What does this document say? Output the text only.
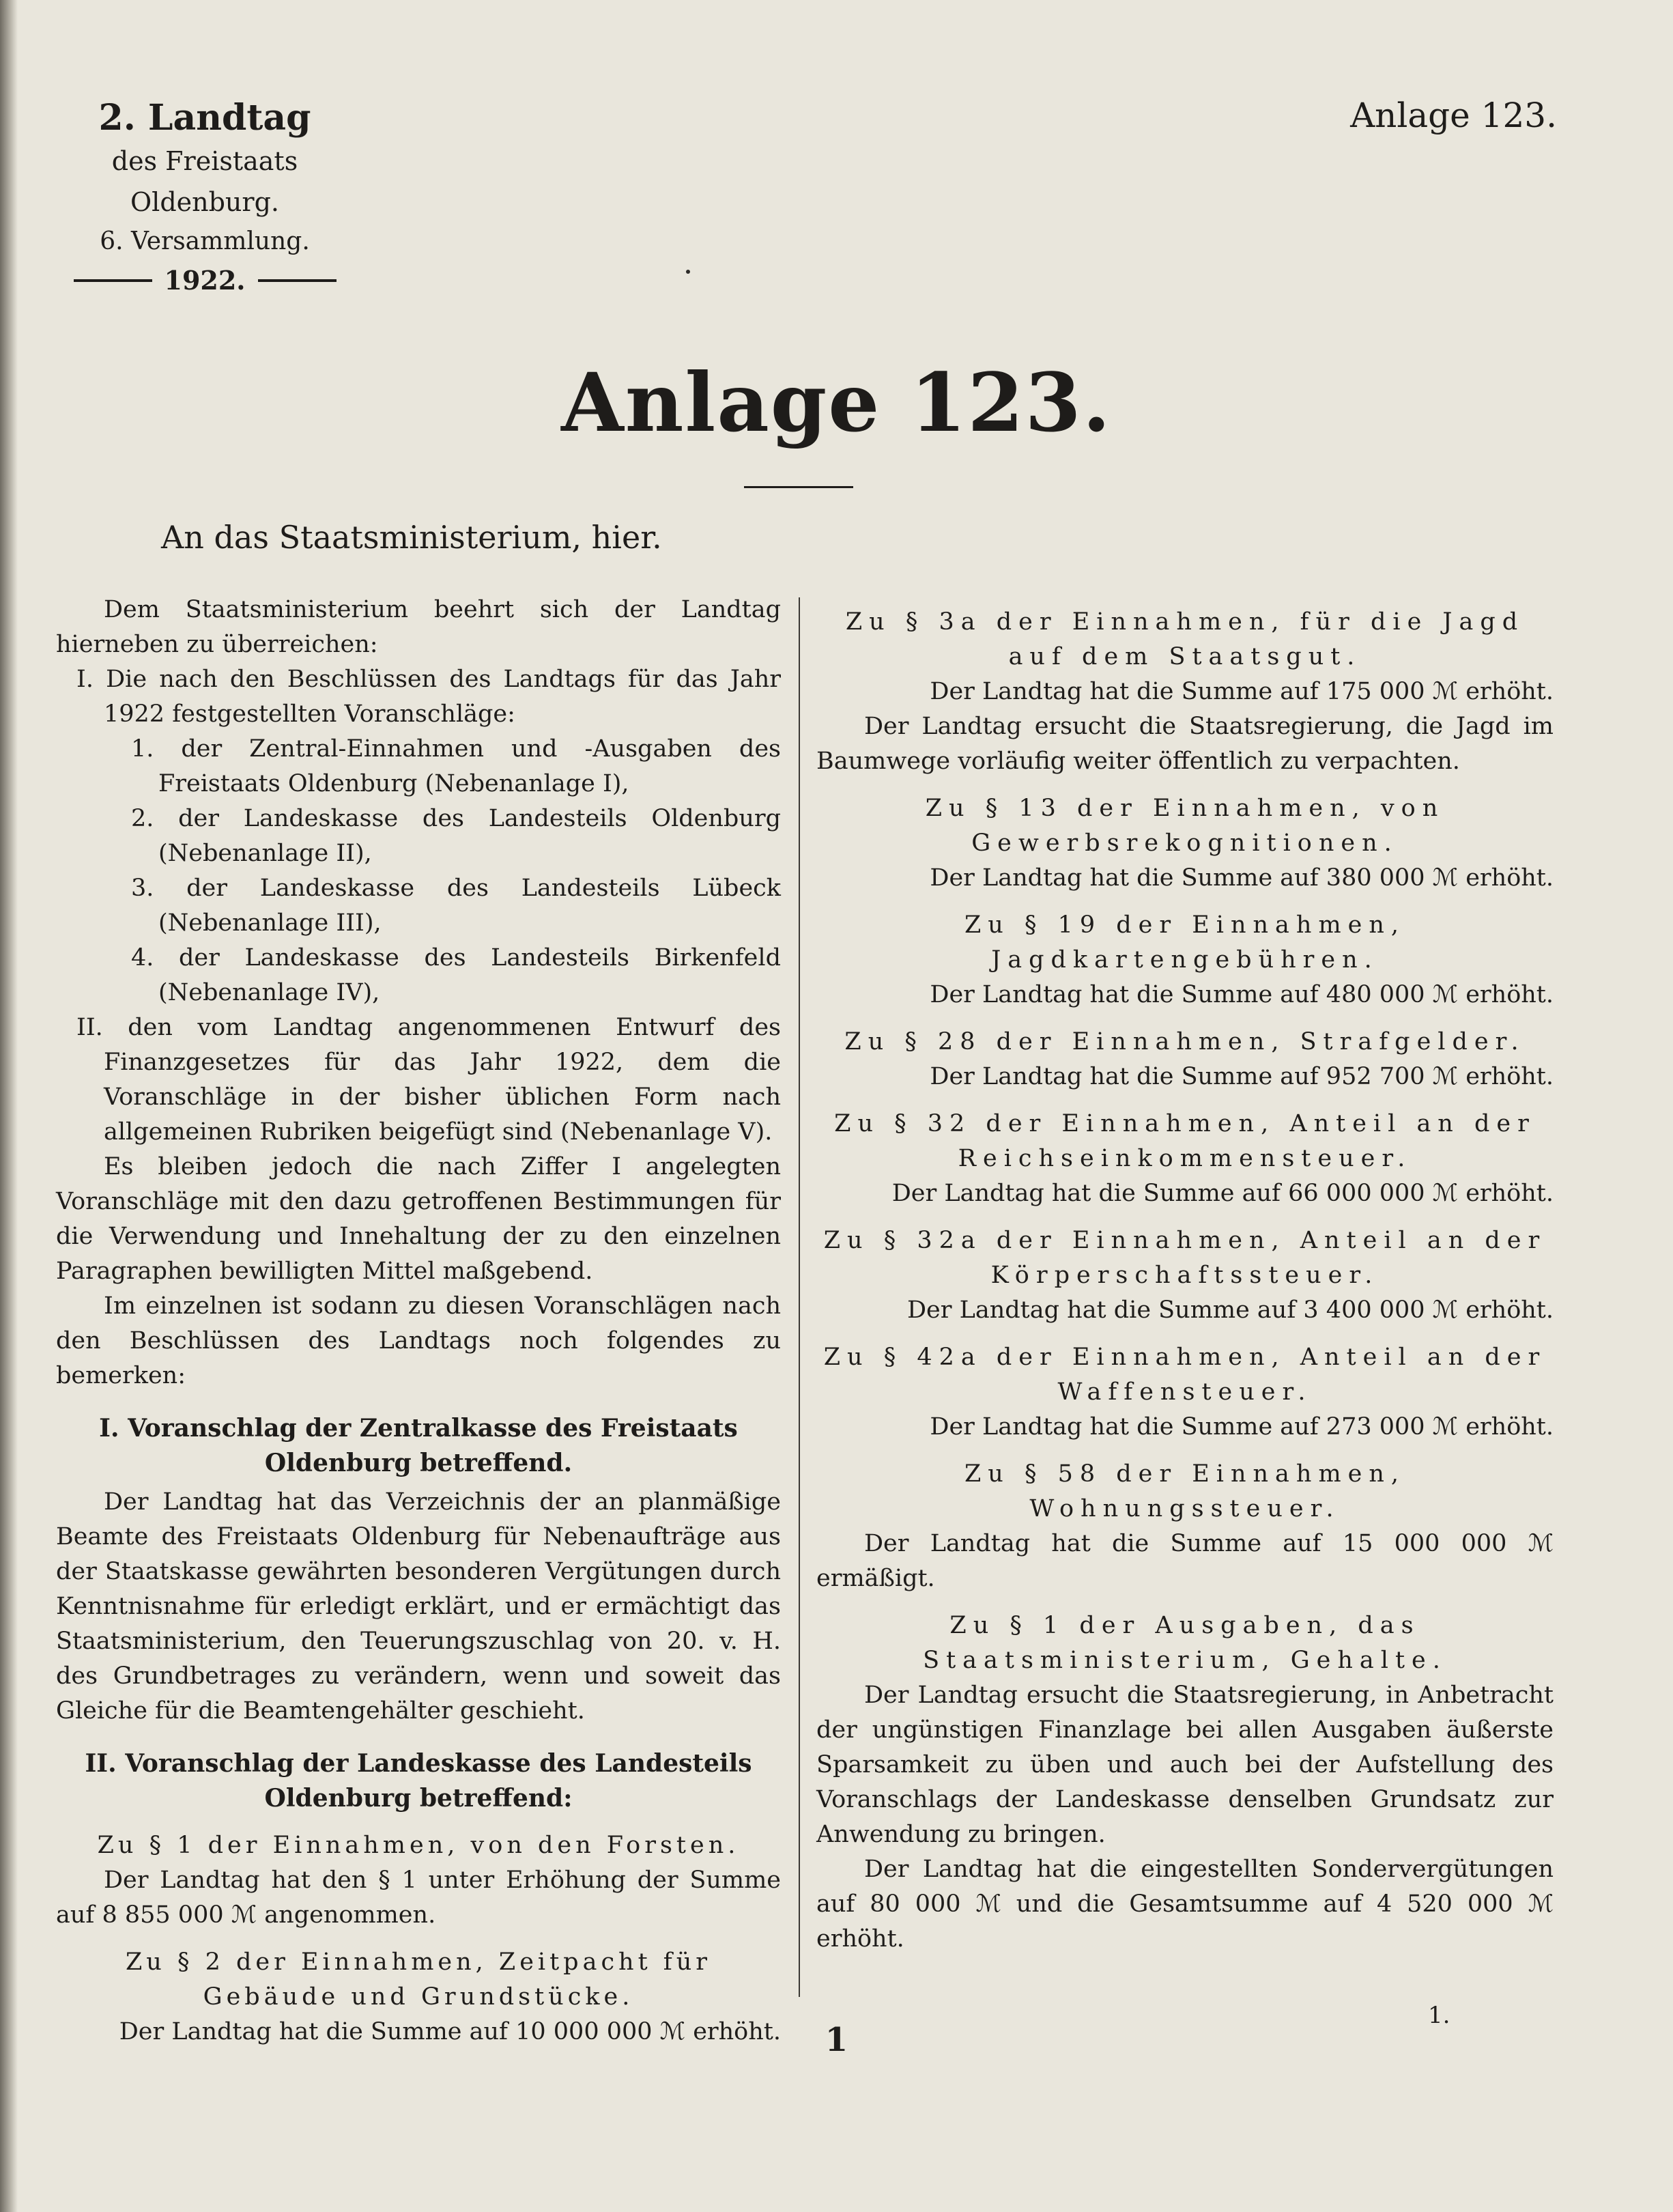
2. Landtag
des Freistaats Oldenburg.
6. Versammlung.
1922.
Anlage 123.
Anlage 123.
An das Staatsministerium, hier.

Dem Staatsministerium beehrt sich der Landtag hierneben zu überreichen:

I. Die nach den Beschlüssen des Landtags für das Jahr 1922 festgestellten Voranschläge:

1. der Zentral-Einnahmen und -Ausgaben des Freistaats Oldenburg (Nebenanlage I),

2. der Landeskasse des Landesteils Oldenburg (Nebenanlage II),

3. der Landeskasse des Landesteils Lübeck (Nebenanlage III),

4. der Landeskasse des Landesteils Birkenfeld (Nebenanlage IV),

II. den vom Landtag angenommenen Entwurf des Finanzgesetzes für das Jahr 1922, dem die Voranschläge in der bisher üblichen Form nach allgemeinen Rubriken beigefügt sind (Nebenanlage V).

Es bleiben jedoch die nach Ziffer I angelegten Voranschläge mit den dazu getroffenen Bestimmungen für die Verwendung und Innehaltung der zu den einzelnen Paragraphen bewilligten Mittel maßgebend.

Im einzelnen ist sodann zu diesen Voranschlägen nach den Beschlüssen des Landtags noch folgendes zu bemerken:

I. Voranschlag der Zentralkasse des Freistaats Oldenburg betreffend.

Der Landtag hat das Verzeichnis der an planmäßige Beamte des Freistaats Oldenburg für Nebenaufträge aus der Staatskasse gewährten besonderen Vergütungen durch Kenntnisnahme für erledigt erklärt, und er ermächtigt das Staatsministerium, den Teuerungszuschlag von 20. v. H. des Grundbetrages zu verändern, wenn und soweit das Gleiche für die Beamtengehälter geschieht.

II. Voranschlag der Landeskasse des Landesteils Oldenburg betreffend:

Zu § 1 der Einnahmen, von den Forsten.

Der Landtag hat den § 1 unter Erhöhung der Summe auf 8 855 000 ℳ angenommen.

Zu § 2 der Einnahmen, Zeitpacht für Gebäude und Grundstücke.

Der Landtag hat die Summe auf 10 000 000 ℳ erhöht.

Zu § 3a der Einnahmen, für die Jagd auf dem Staatsgut.

Der Landtag hat die Summe auf 175 000 ℳ erhöht.

Der Landtag ersucht die Staatsregierung, die Jagd im Baumwege vorläufig weiter öffentlich zu verpachten.

Zu § 13 der Einnahmen, von Gewerbsrekognitionen.

Der Landtag hat die Summe auf 380 000 ℳ erhöht.

Zu § 19 der Einnahmen, Jagdkartengebühren.

Der Landtag hat die Summe auf 480 000 ℳ erhöht.

Zu § 28 der Einnahmen, Strafgelder.

Der Landtag hat die Summe auf 952 700 ℳ erhöht.

Zu § 32 der Einnahmen, Anteil an der Reichseinkommensteuer.

Der Landtag hat die Summe auf 66 000 000 ℳ erhöht.

Zu § 32a der Einnahmen, Anteil an der Körperschaftssteuer.

Der Landtag hat die Summe auf 3 400 000 ℳ erhöht.

Zu § 42a der Einnahmen, Anteil an der Waffensteuer.

Der Landtag hat die Summe auf 273 000 ℳ erhöht.

Zu § 58 der Einnahmen, Wohnungssteuer.

Der Landtag hat die Summe auf 15 000 000 ℳ ermäßigt.

Zu § 1 der Ausgaben, das Staatsministerium, Gehalte.

Der Landtag ersucht die Staatsregierung, in Anbetracht der ungünstigen Finanzlage bei allen Ausgaben äußerste Sparsamkeit zu üben und auch bei der Aufstellung des Voranschlags der Landeskasse denselben Grundsatz zur Anwendung zu bringen.

Der Landtag hat die eingestellten Sondervergütungen auf 80 000 ℳ und die Gesamtsumme auf 4 520 000 ℳ erhöht.

1.
1
